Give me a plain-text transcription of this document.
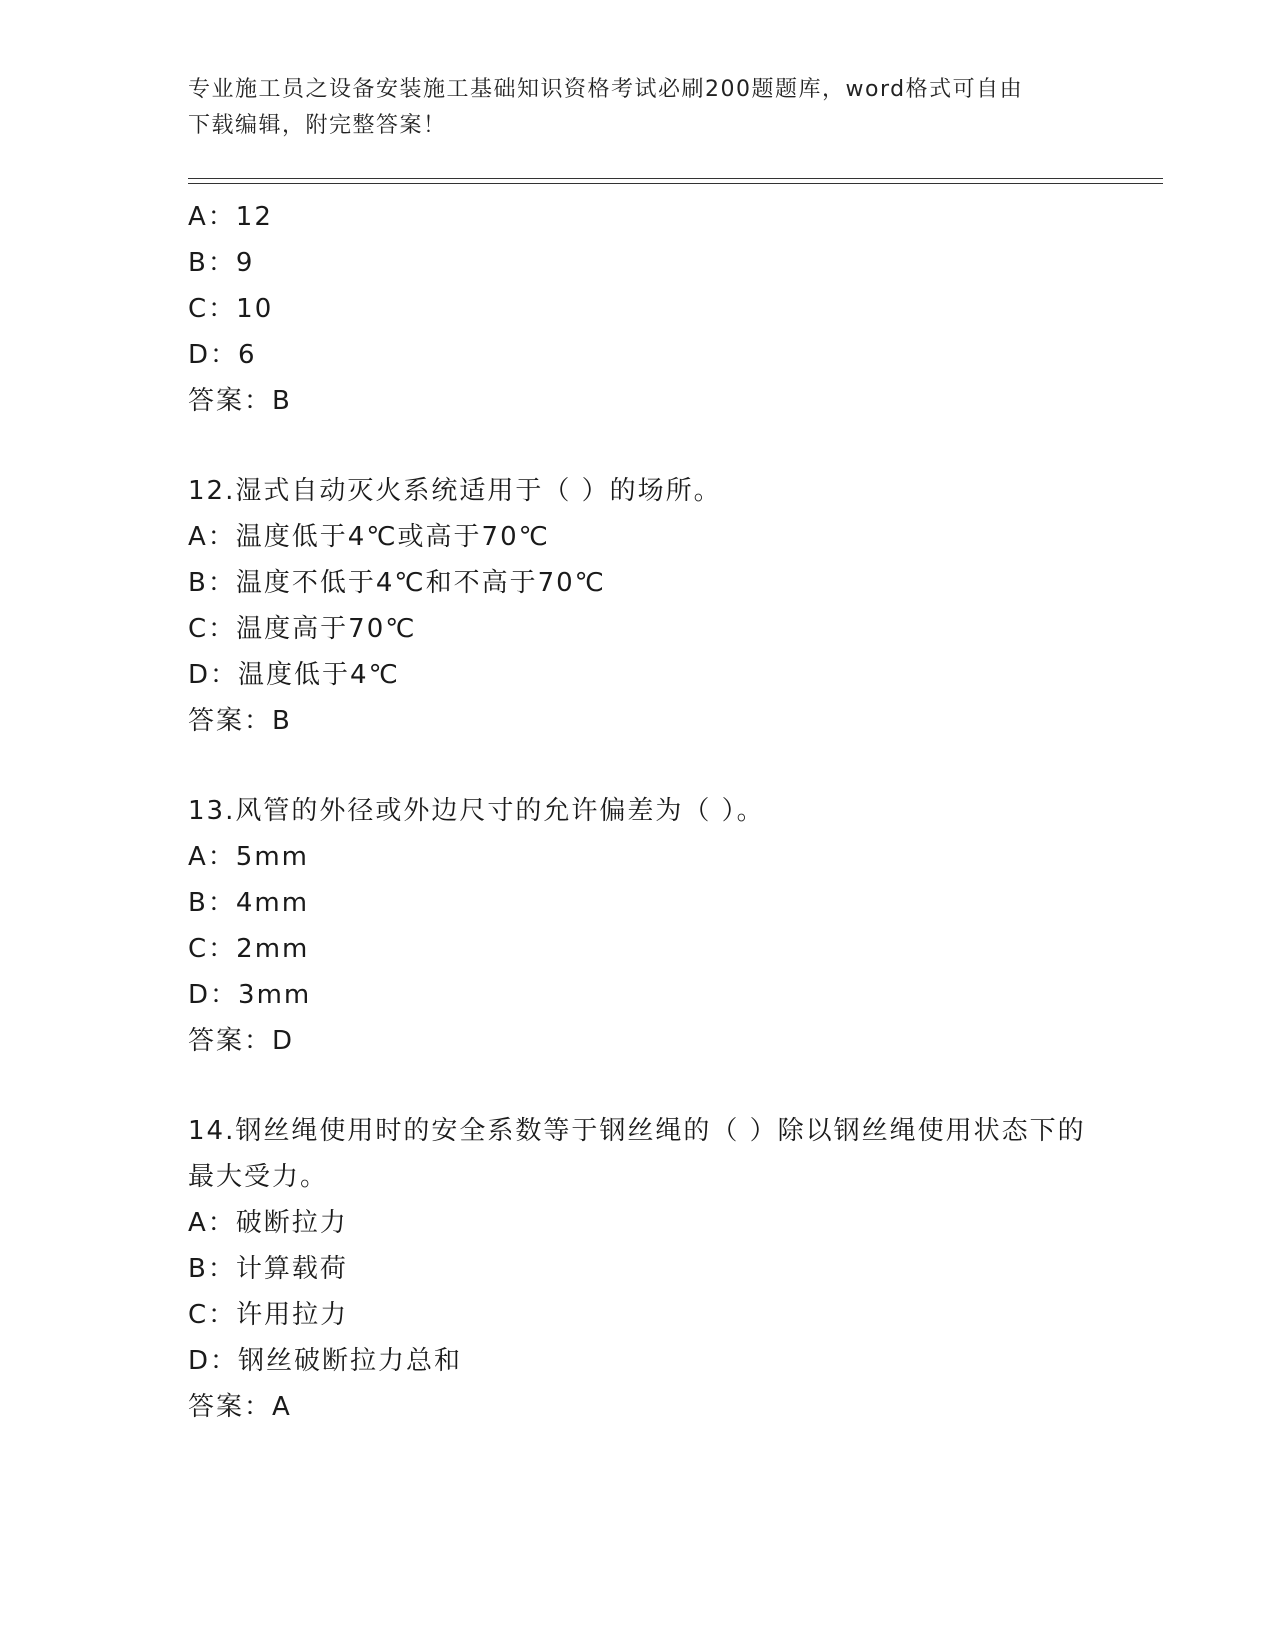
专业施工员之设备安装施工基础知识资格考试必刷200题题库，word格式可自由
下载编辑，附完整答案！
A：12
B：9
C：10
D：6
答案：B
12.湿式自动灭火系统适用于（ ）的场所。
A：温度低于4℃或高于70℃
B：温度不低于4℃和不高于70℃
C：温度高于70℃
D：温度低于4℃
答案：B
13.风管的外径或外边尺寸的允许偏差为（ ）。
A：5mm
B：4mm
C：2mm
D：3mm
答案：D
14.钢丝绳使用时的安全系数等于钢丝绳的（ ）除以钢丝绳使用状态下的最大受力。
A：破断拉力
B：计算载荷
C：许用拉力
D：钢丝破断拉力总和
答案：A
